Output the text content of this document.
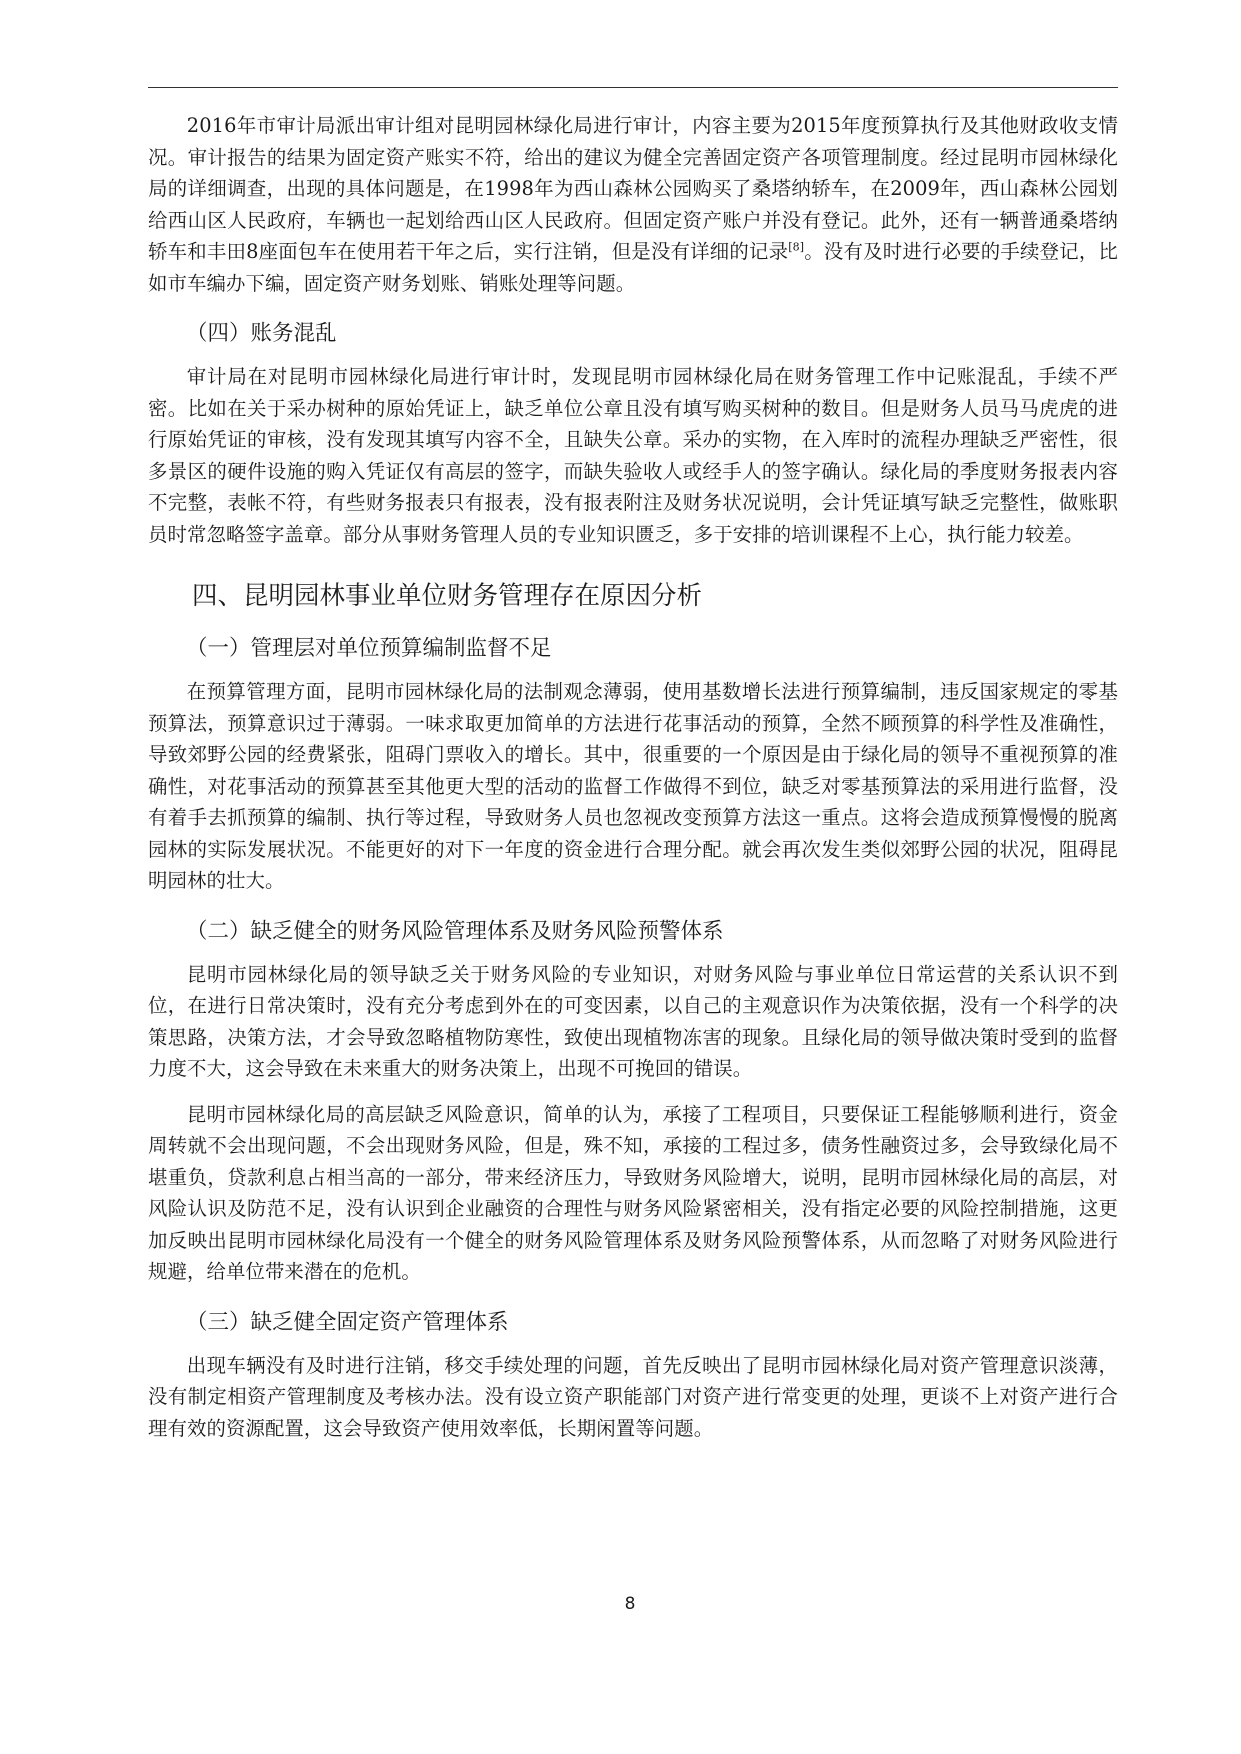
2016年市审计局派出审计组对昆明园林绿化局进行审计，内容主要为2015年度预算执行及其他财政收支情况。审计报告的结果为固定资产账实不符，给出的建议为健全完善固定资产各项管理制度。经过昆明市园林绿化局的详细调查，出现的具体问题是，在1998年为西山森林公园购买了桑塔纳轿车，在2009年，西山森林公园划给西山区人民政府，车辆也一起划给西山区人民政府。但固定资产账户并没有登记。此外，还有一辆普通桑塔纳轿车和丰田8座面包车在使用若干年之后，实行注销，但是没有详细的记录[8]。没有及时进行必要的手续登记，比如市车编办下编，固定资产财务划账、销账处理等问题。

（四）账务混乱

审计局在对昆明市园林绿化局进行审计时，发现昆明市园林绿化局在财务管理工作中记账混乱，手续不严密。比如在关于采办树种的原始凭证上，缺乏单位公章且没有填写购买树种的数目。但是财务人员马马虎虎的进行原始凭证的审核，没有发现其填写内容不全，且缺失公章。采办的实物，在入库时的流程办理缺乏严密性，很多景区的硬件设施的购入凭证仅有高层的签字，而缺失验收人或经手人的签字确认。绿化局的季度财务报表内容不完整，表帐不符，有些财务报表只有报表，没有报表附注及财务状况说明，会计凭证填写缺乏完整性，做账职员时常忽略签字盖章。部分从事财务管理人员的专业知识匮乏，多于安排的培训课程不上心，执行能力较差。

四、昆明园林事业单位财务管理存在原因分析
（一）管理层对单位预算编制监督不足

在预算管理方面，昆明市园林绿化局的法制观念薄弱，使用基数增长法进行预算编制，违反国家规定的零基预算法，预算意识过于薄弱。一味求取更加简单的方法进行花事活动的预算，全然不顾预算的科学性及准确性，导致郊野公园的经费紧张，阻碍门票收入的增长。其中，很重要的一个原因是由于绿化局的领导不重视预算的准确性，对花事活动的预算甚至其他更大型的活动的监督工作做得不到位，缺乏对零基预算法的采用进行监督，没有着手去抓预算的编制、执行等过程，导致财务人员也忽视改变预算方法这一重点。这将会造成预算慢慢的脱离园林的实际发展状况。不能更好的对下一年度的资金进行合理分配。就会再次发生类似郊野公园的状况，阻碍昆明园林的壮大。

（二）缺乏健全的财务风险管理体系及财务风险预警体系

昆明市园林绿化局的领导缺乏关于财务风险的专业知识，对财务风险与事业单位日常运营的关系认识不到位，在进行日常决策时，没有充分考虑到外在的可变因素，以自己的主观意识作为决策依据，没有一个科学的决策思路，决策方法，才会导致忽略植物防寒性，致使出现植物冻害的现象。且绿化局的领导做决策时受到的监督力度不大，这会导致在未来重大的财务决策上，出现不可挽回的错误。

昆明市园林绿化局的高层缺乏风险意识，简单的认为，承接了工程项目，只要保证工程能够顺利进行，资金周转就不会出现问题，不会出现财务风险，但是，殊不知，承接的工程过多，债务性融资过多，会导致绿化局不堪重负，贷款利息占相当高的一部分，带来经济压力，导致财务风险增大，说明，昆明市园林绿化局的高层，对风险认识及防范不足，没有认识到企业融资的合理性与财务风险紧密相关，没有指定必要的风险控制措施，这更加反映出昆明市园林绿化局没有一个健全的财务风险管理体系及财务风险预警体系，从而忽略了对财务风险进行规避，给单位带来潜在的危机。

（三）缺乏健全固定资产管理体系

出现车辆没有及时进行注销，移交手续处理的问题，首先反映出了昆明市园林绿化局对资产管理意识淡薄，没有制定相资产管理制度及考核办法。没有设立资产职能部门对资产进行常变更的处理，更谈不上对资产进行合理有效的资源配置，这会导致资产使用效率低，长期闲置等问题。

8
